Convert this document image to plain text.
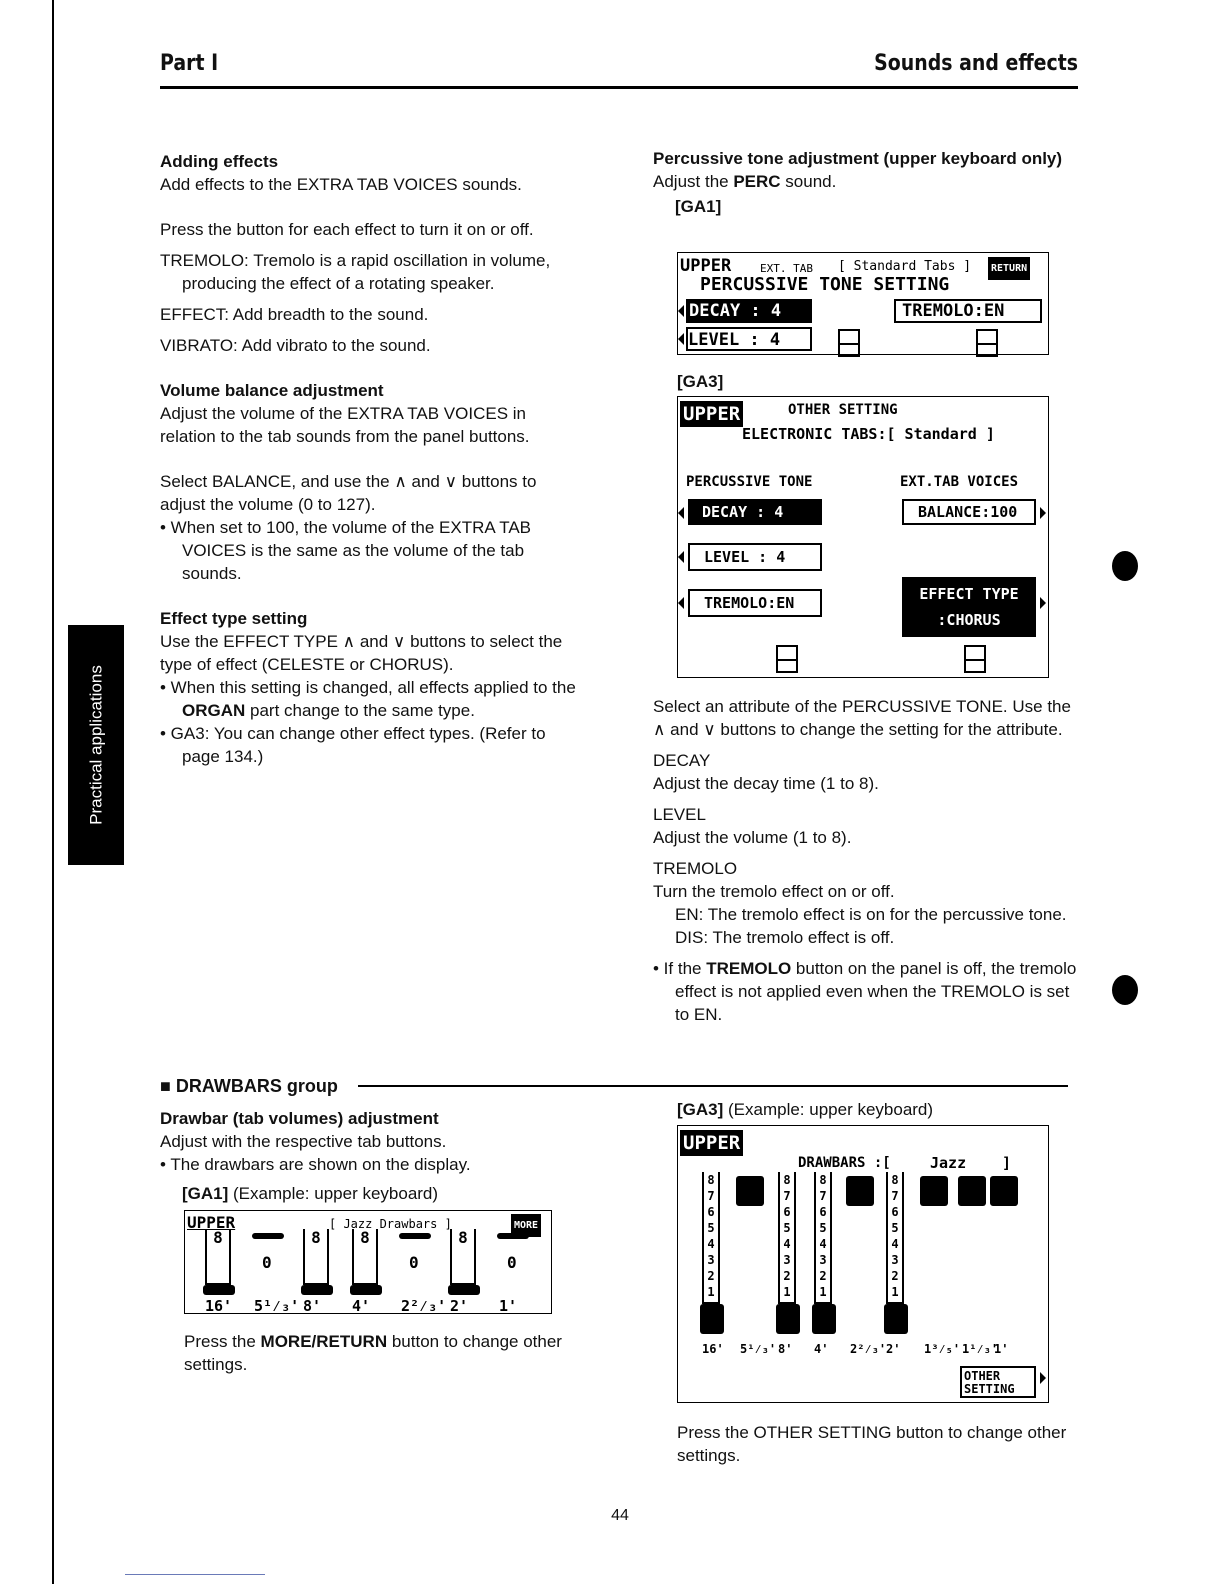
Part I	Sounds and effects
Practical applications

Adding effects

Add effects to the EXTRA TAB VOICES sounds.

Press the button for each effect to turn it on or off.

TREMOLO: Tremolo is a rapid oscillation in volume, producing the effect of a rotating speaker.

EFFECT: Add breadth to the sound.

VIBRATO: Add vibrato to the sound.

Volume balance adjustment

Adjust the volume of the EXTRA TAB VOICES in relation to the tab sounds from the panel buttons.

Select BALANCE, and use the ∧ and ∨ buttons to adjust the volume (0 to 127).

• When set to 100, the volume of the EXTRA TAB VOICES is the same as the volume of the tab sounds.

Effect type setting

Use the EFFECT TYPE ∧ and ∨ buttons to select the type of effect (CELESTE or CHORUS).

• When this setting is changed, all effects applied to the ORGAN part change to the same type.

• GA3: You can change other effect types. (Refer to page 134.)

Percussive tone adjustment (upper keyboard only)

Adjust the PERC sound.

[GA1]

UPPER	EXT. TAB [ Standard Tabs ]	RETURN
PERCUSSIVE TONE SETTING
DECAY : 4
LEVEL : 4
TREMOLO:EN

[GA3]

UPPER	OTHER SETTING
ELECTRONIC TABS:[ Standard ]
PERCUSSIVE TONE	EXT.TAB VOICES
DECAY : 4	BALANCE:100
LEVEL : 4
TREMOLO:EN	EFFECT TYPE
:CHORUS

Select an attribute of the PERCUSSIVE TONE. Use the ∧ and ∨ buttons to change the setting for the attribute.

DECAY

Adjust the decay time (1 to 8).

LEVEL

Adjust the volume (1 to 8).

TREMOLO

Turn the tremolo effect on or off.

EN: The tremolo effect is on for the percussive tone.

DIS: The tremolo effect is off.

• If the TREMOLO button on the panel is off, the tremolo effect is not applied even when the TREMOLO is set to EN.

■ DRAWBARS group

Drawbar (tab volumes) adjustment

Adjust with the respective tab buttons.

• The drawbars are shown on the display.

[GA1] (Example: upper keyboard)

UPPER	[ Jazz Drawbars ]	MORE
8
16'
0
5¹⁄₃'
8
8'
8
4'
0
2²⁄₃'
8
2'
0
1'

Press the MORE/RETURN button to change other settings.

[GA3] (Example: upper keyboard)

UPPER
DRAWBARS :[	Jazz ]
8
7
6
5
4
3
2
1
16' 5¹⁄₃'
8
7
6
5
4
3
2
1
8'
8
7
6
5
4
3
2
1
4' 2²⁄₃'
8
7
6
5
4
3
2
1
2' 1³⁄₅' 1¹⁄₃'
1'
OTHER
SETTING

Press the OTHER SETTING button to change other settings.

44
